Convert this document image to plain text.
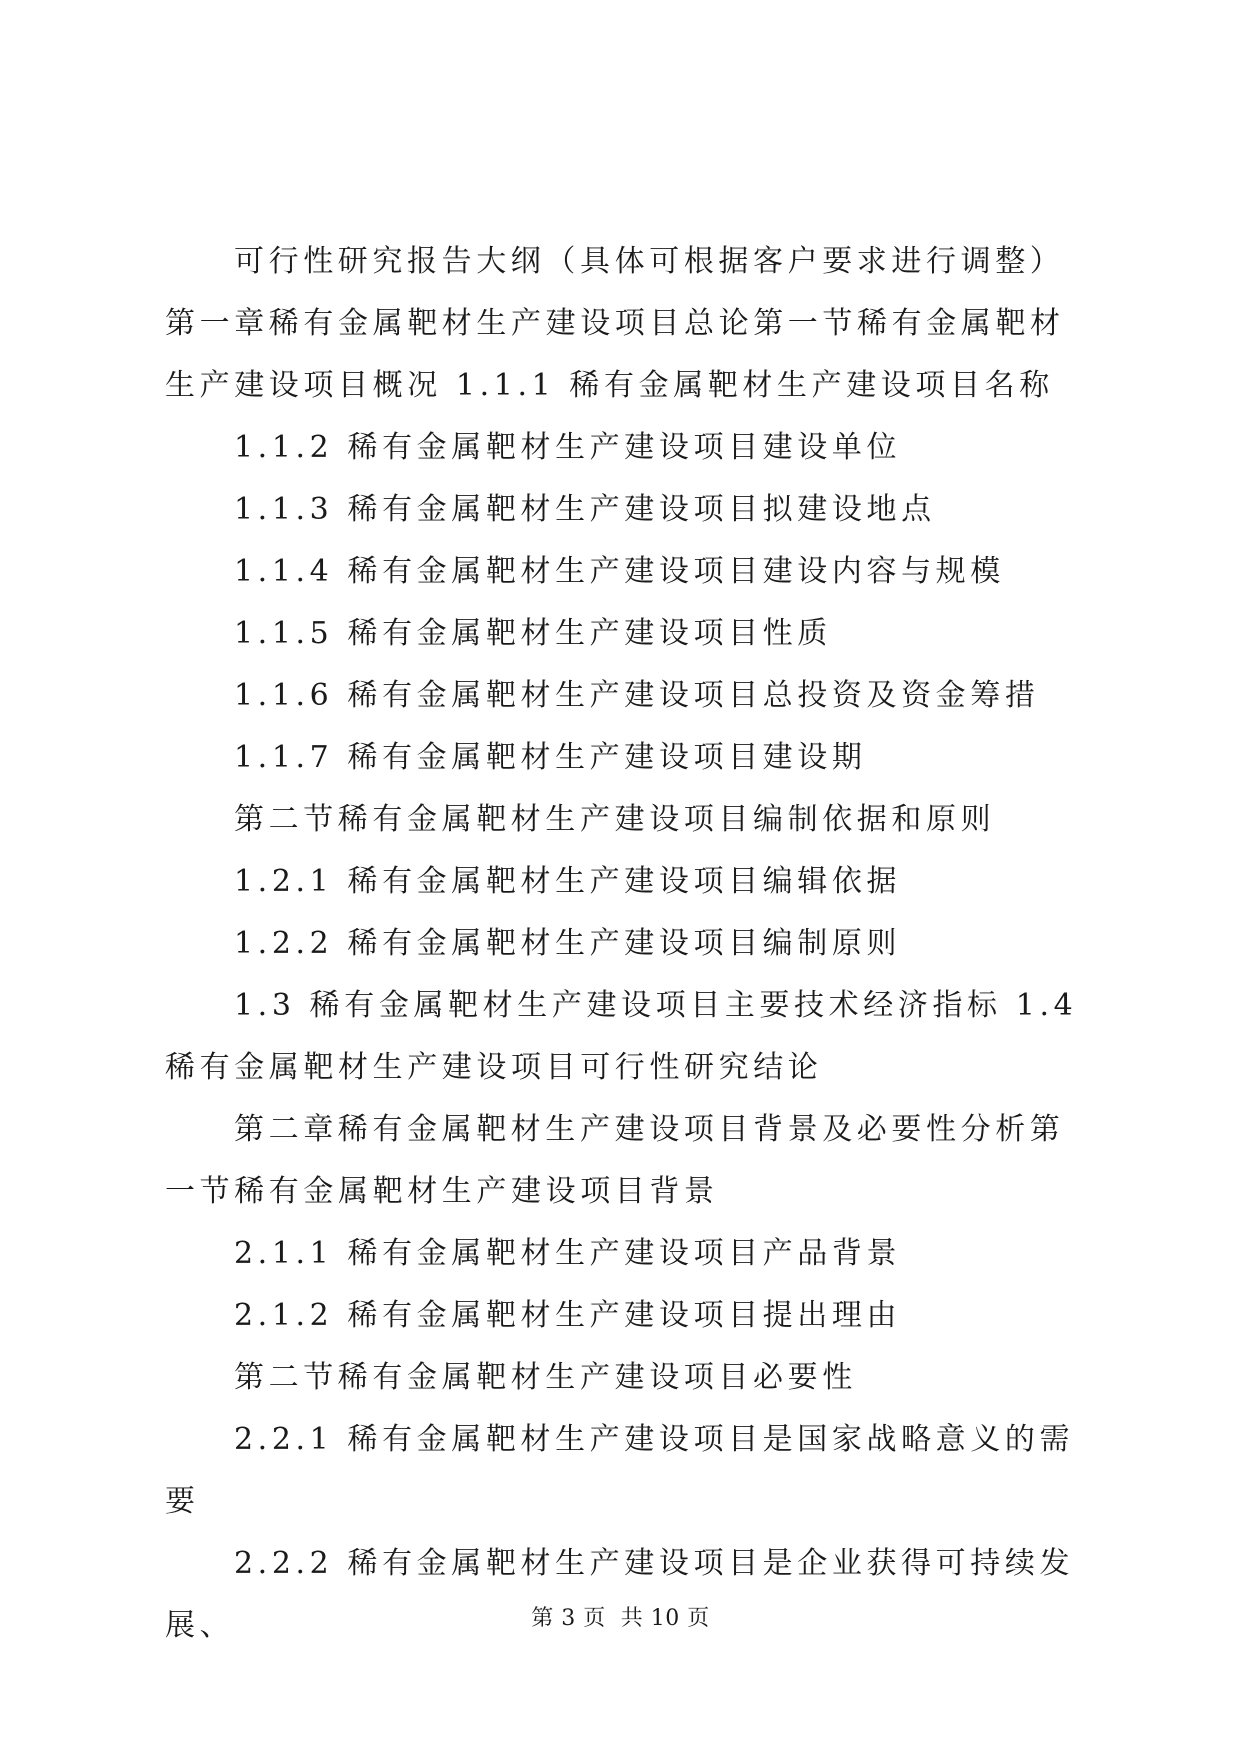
可行性研究报告大纲（具体可根据客户要求进行调整）第一章稀有金属靶材生产建设项目总论第一节稀有金属靶材生产建设项目概况 1.1.1 稀有金属靶材生产建设项目名称

1.1.2 稀有金属靶材生产建设项目建设单位

1.1.3 稀有金属靶材生产建设项目拟建设地点

1.1.4 稀有金属靶材生产建设项目建设内容与规模

1.1.5 稀有金属靶材生产建设项目性质

1.1.6 稀有金属靶材生产建设项目总投资及资金筹措

1.1.7 稀有金属靶材生产建设项目建设期

第二节稀有金属靶材生产建设项目编制依据和原则

1.2.1 稀有金属靶材生产建设项目编辑依据

1.2.2 稀有金属靶材生产建设项目编制原则

1.3 稀有金属靶材生产建设项目主要技术经济指标 1.4 稀有金属靶材生产建设项目可行性研究结论

第二章稀有金属靶材生产建设项目背景及必要性分析第一节稀有金属靶材生产建设项目背景

2.1.1 稀有金属靶材生产建设项目产品背景

2.1.2 稀有金属靶材生产建设项目提出理由

第二节稀有金属靶材生产建设项目必要性

2.2.1 稀有金属靶材生产建设项目是国家战略意义的需要

2.2.2 稀有金属靶材生产建设项目是企业获得可持续发展、	第 3 页  共 10 页
